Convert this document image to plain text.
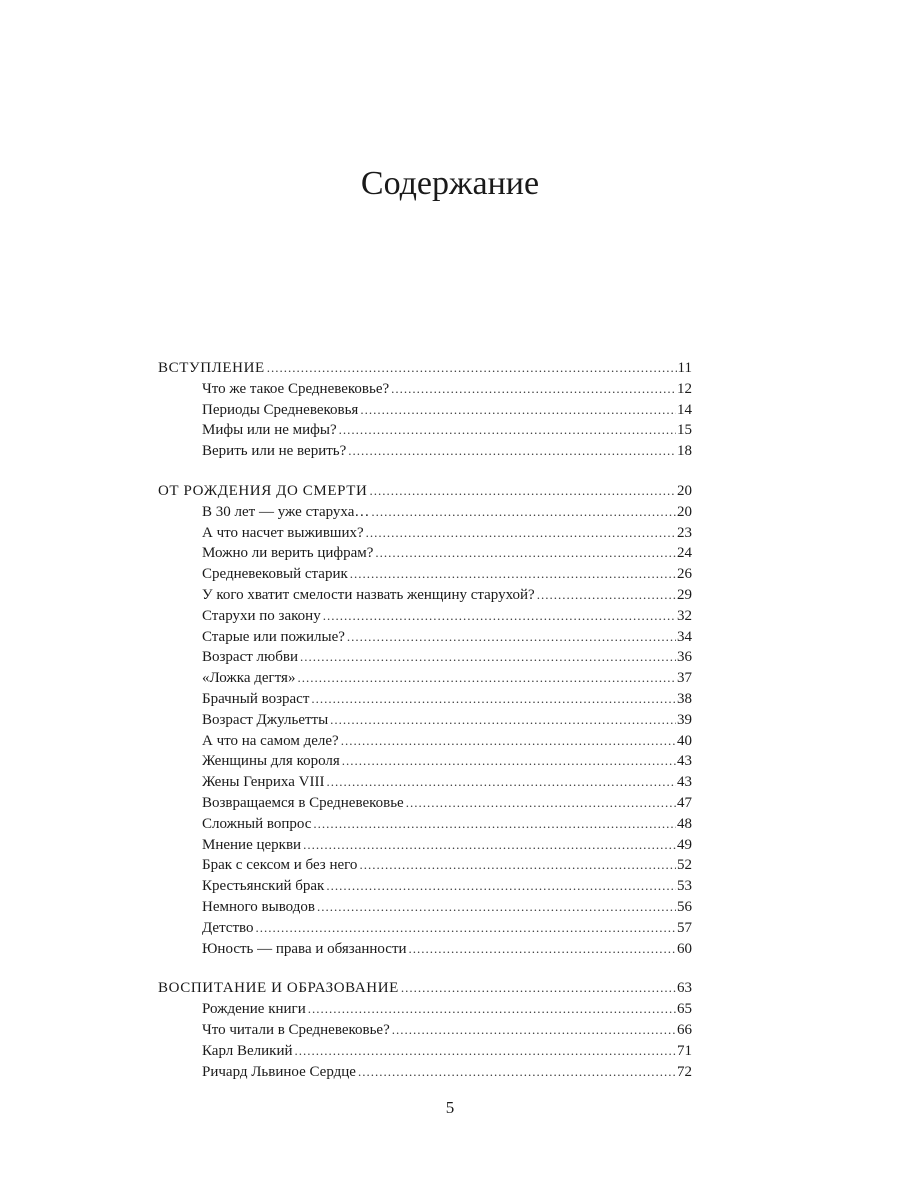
Содержание
ВСТУПЛЕНИЕ .....	11
Что же такое Средневековье? .....	12
Периоды Средневековья .....	14
Мифы или не мифы? .....	15
Верить или не верить? .....	18
ОТ РОЖДЕНИЯ ДО СМЕРТИ .....	20
В 30 лет — уже старуха… .....	20
А что насчет выживших? .....	23
Можно ли верить цифрам? .....	24
Средневековый старик .....	26
У кого хватит смелости назвать женщину старухой? .....	29
Старухи по закону .....	32
Старые или пожилые? .....	34
Возраст любви .....	36
«Ложка дегтя» .....	37
Брачный возраст .....	38
Возраст Джульетты .....	39
А что на самом деле? .....	40
Женщины для короля .....	43
Жены Генриха VIII .....	43
Возвращаемся в Средневековье .....	47
Сложный вопрос .....	48
Мнение церкви .....	49
Брак с сексом и без него .....	52
Крестьянский брак .....	53
Немного выводов .....	56
Детство .....	57
Юность — права и обязанности .....	60
ВОСПИТАНИЕ И ОБРАЗОВАНИЕ .....	63
Рождение книги .....	65
Что читали в Средневековье? .....	66
Карл Великий .....	71
Ричард Львиное Сердце .....	72
5
